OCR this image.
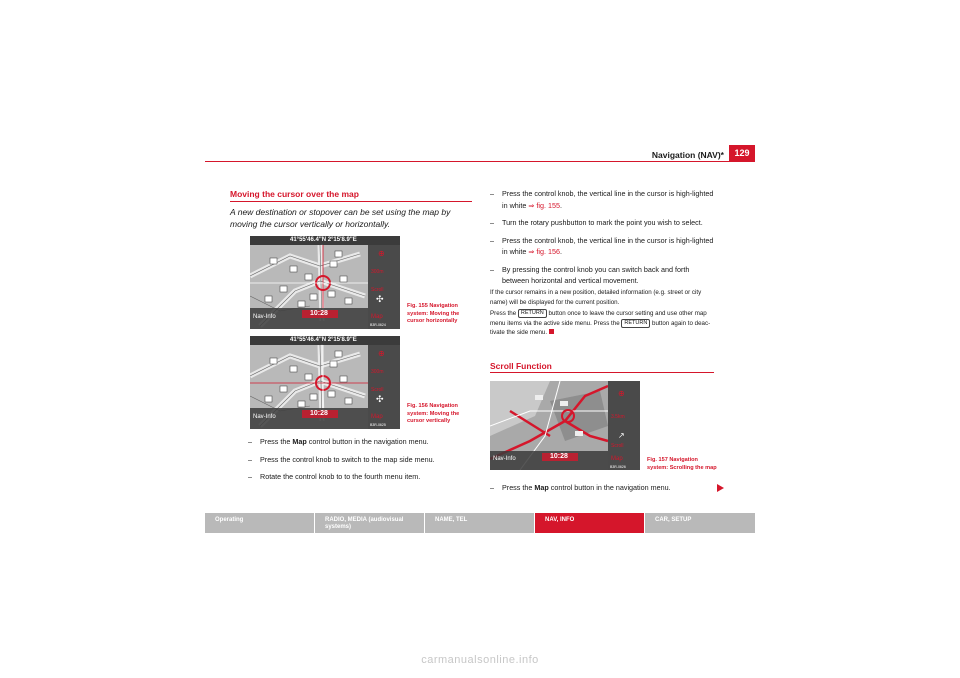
Navigation (NAV)*	129
Moving the cursor over the map
A new destination or stopover can be set using the map by moving the cursor vertically or horizontally.
41°55'46.4"N 2°15'8.9"E
Nav-Info	10:28	Map
300m
Scroll
✣
⊕
B3R-0624
Fig. 155 Navigation system: Moving the cursor horizontally
41°55'46.4"N 2°15'8.9"E
Nav-Info	10:28	Map
300m
Scroll
✣
⊕
B3R-0625
Fig. 156 Navigation system: Moving the cursor vertically
– Press the Map control button in the navigation menu.
– Press the control knob to switch to the map side menu.
– Rotate the control knob to to the fourth menu item.
– Press the control knob, the vertical line in the cursor is high-lighted in white ⇒ fig. 155.
– Turn the rotary pushbutton to mark the point you wish to select.
– Press the control knob, the vertical line in the cursor is high-lighted in white ⇒ fig. 156.
– By pressing the control knob you can switch back and forth between horizontal and vertical movement.
If the cursor remains in a new position, detailed information (e.g. street or city name) will be displayed for the current position.
Press the RETURN button once to leave the cursor setting and use other map menu items via the active side menu. Press the RETURN button again to deac-tivate the side menu.
Scroll Function
Nav-Info	10:28	Map
3.5km
Scroll
⊕
↗
B3R-0626
Fig. 157 Navigation system: Scrolling the map
– Press the Map control button in the navigation menu.
Operating	RADIO, MEDIA (audiovisual systems)
NAME, TEL	NAV, INFO	CAR, SETUP
carmanualsonline.info
